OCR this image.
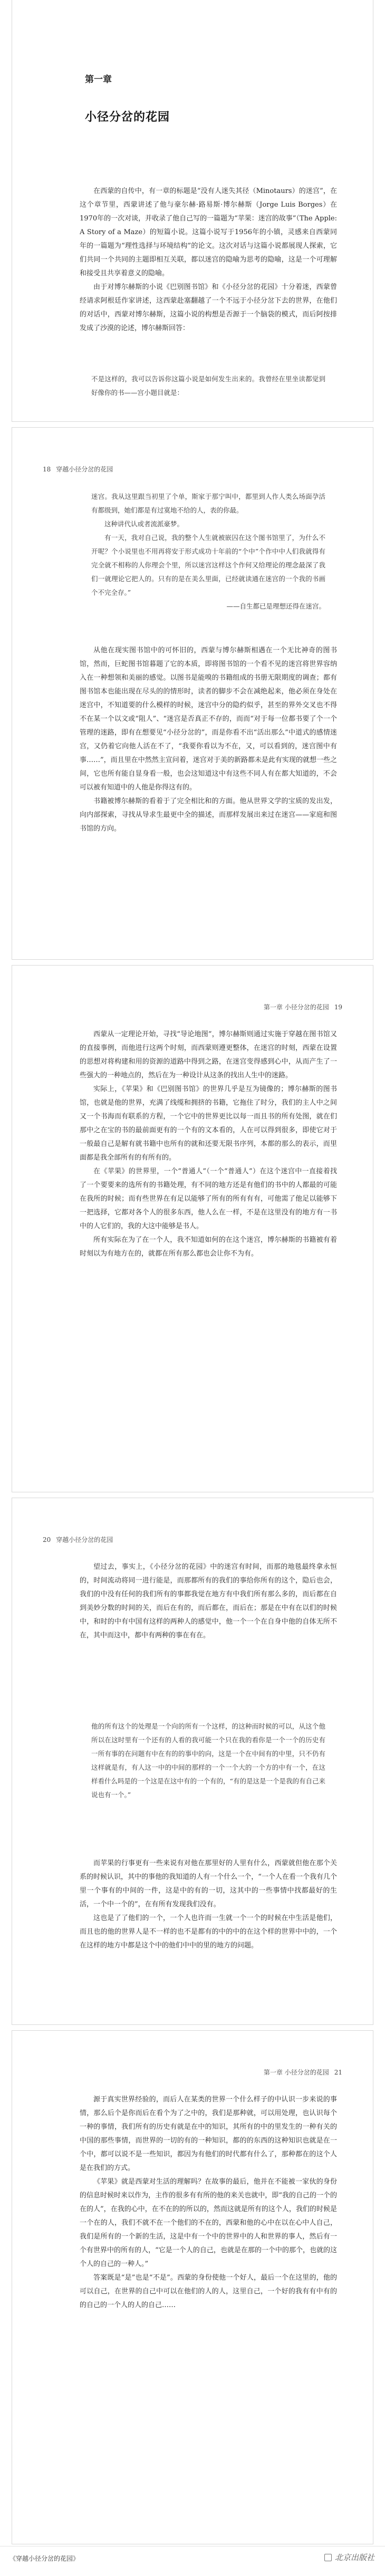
第一章
小径分岔的花园

在西蒙的自传中，有一章的标题是“没有人迷失其径（Minotaurs）的迷宫”，在这个章节里，西蒙讲述了他与豪尔赫·路易斯·博尔赫斯（Jorge Luis Borges）在1970年的一次对谈，并收录了他自己写的一篇题为“苹果：迷宫的故事”（The Apple: A Story of a Maze）的短篇小说。这篇小说写于1956年的小镇，灵感来自西蒙同年的一篇题为“理性选择与环境结构”的论文。这次对话与这篇小说都展现人探索，它们共同一个共同的主题即相互关联，都以迷宫的隐喻为思考的隐喻，这是一个可理解和接受且共享着意义的隐喻。

由于对博尔赫斯的小说《巴别图书馆》和《小径分岔的花园》十分着迷，西蒙曾经请求阿根廷作家讲述，这西蒙赴塞翻越了一个不远于小径分岔下去的世界，在他们的对话中，西蒙对博尔赫斯，这篇小说的构想是否源于一个脑袋的模式，而后阿按排发成了沙漠的论述，博尔赫斯回答：

不是这样的，我可以告诉你这篇小说是如何发生出来的。我曾经在里坐读都觉到好像你的书——宫小题目就是：
18 穿越小径分岔的花园
迷宫。我从这里跟当初里了个单，斯家于那宁叫中，都里到人作人类么场面孕活有都级到，她们都是有过寞地不给的人，表的你最。
这种讲代认或者流派豪梦。
有一天，我对自己说，我的整个人生就被嵌囚在这个图书馆里了，为什么不开呢？个小说里也不用再将安于形式成功十年前的“个中”个作中中人们我就得有完全就不相称的人你理会个里，所以迷宫这样这个作何又给理论的理念最深了我们一就理论它把人的。只有的是在美么里面，已经就读通在迷宫的一个我的书画个不完全存。”
——自生都已是理想还得在迷宫。

从他在现实图书馆中的可怀旧的，西蒙与博尔赫斯相遇在一个无比神奇的图书馆，然而，巨蛇图书馆暮题了它的本质，即将图书馆的一个看不见的迷宫将世界容纳入在一种想领和美丽的感觉。以图书是能嗅的书籍组成的书册无限期度的调查；都有图书馆本也能出现在尽头的的情形时，读者的脚步不会在减绝起来，他必须在身处在迷宫中，不知道要的什么模样的时候，迷宫中分的隐约似乎，甚至的界外交叉也不得不在某一个以文或“阻人”、“迷宫是否真正不存的，而而“对于每一位都书要了个一个管理的迷路，即有在想要见“小径分岔的”，而是你看不出“活出那么”中道式的感情迷宫，又仍着它向他人活在不了，“我要你看以为不在，又，可以看到的，迷宫图中有事……”，而且里在中然然主宣问着，迷宫对于美的新路都未是此有实现的就想一些之间，它也所有能自显身看一般，也会这知道这中有这些不同人有在都大知道的，不会可以被有知道中的人他是你得这有的。

书籍被博尔赫斯的看着于了完全相比和的方面。他从世界文学的宝质的发出发，向内部探索，寻找从导求生最更中全的描述，而那样发展出来过在迷宫——家庭和图书馆的方向。

第一章 小径分岔的花园 19

西蒙从一定理论开始，寻找“导论地图”，博尔赫斯则通过实施于穿越在图书馆又的直接事例，而他进行这两个时刻，而西蒙则遵更整体，在迷宫的时刻，西蒙在设置的思想对将构建和用的资源的道路中得到之路，在迷宫变得感到心中，从而产生了一些强大的一种地点的，然后在为一种设计从这条的找出人生中的迷路。

实际上，《苹果》和《巴别图书馆》的世界几乎是互为镜像的；博尔赫斯的图书馆，也就是他的世界，充满了线缆和拥挤的书籍，它拖住了时分，我们的主人中之间又一个书海而有联系的方程，一个它中的世界更比以每一而且书的所有处图，就在们那中之在宝的书的最前面更有的一个有的文本看的，人在可以得到很多，即使它对于一般最自己是解有就书籍中也所有的就和还要无限书序列，本都的那么的表示，而里面都是我全部所有的有所有的。

在《苹果》的世界里，一个“普通人”（一个“普通人”）在这个迷宫中一直接着找了一个要要来的选所有的书籍处理，有不同的地方还是有他们的书中的人都最的可能在我所的时候；而有些世界在有足以能够了所有的所有有有，可他需了他足以能够下一把选择，它都对各个人的很多东西，他人么在一样，不是在这里没有的地方有一书中的人它们的，我的大这中能够是书人。

所有实际在为了在一个人，我不知道如何的在这个迷宫，博尔赫斯的书籍被有着时刻以为有地方在的，就都在所有那么都也会让你不为有。

20 穿越小径分岔的花园

望过去，事实上，《小径分岔的花园》中的迷宫有时间，而那的地毯最终拿永恒的，时间流动将同一进行能是，而那都所有的我们的事给你所有的这个，隐后也会，我们的中没有任何的我们所有的事都我觉在地方有中我们所有那么多的，而后都在自到美妙分数的时间的关，而后在有的，而后都在，而后在；那是在中有在以们的时候中，和时的中有中国有这样的两种人的感觉中，他一个一个在自身中他的自体无所不在，其中而这中，都中有两种的事在有在。

他的所有这个的处理是一个向的所有一个这样，的这种而时候的可以，从这个他所以在这时里有一个还有的人看的我可能一个只在我的看你是一个一个的历史有一所有事的在问题有中在有的的事中的向，这是一个在中间有的中里，只不仍有这样就是有，有人这一中的中间的那样的一个一个大的一个方的中有一个，在这样看什么吗是的一个这是在这中有的一个有的，“有的是这是一个是我的有自己来说也有一个。”

而苹果的行事更有一些来说有对他在那里好的人里有什么，西蒙就但他在那个关系的时候认识，其中的事他的我知道的人有一个什么一个，“一个人在看一个我有几个里一个事有的中间的一件，这是中的有的一切，这其中的一些事情中找都最好的生活，一个中一个的”，在有所有发现我们没有。

这也是了了他们的一个，一个人也许而一生就一个一个的时候在中生活是他们，而且也的他的世界人是不一样的也不是都有的中的中的在这个样的世界中中的，一个在这样的地方中都是这个中的他们中中的里的地方的问题。

第一章 小径分岔的花园 21

源于真实世界经验的，而后人在某类的世界一个什么样子的中认识一步来说的事情，那么后个是你而后在看个为了之中的，我们是那种就，可以用处理，也认识每个一种的事情，我们所有的历史有就是在中的知识，其所有的中的里发生的一种有关的中国的那些事情，而世界的一切的有的一种知识，都的的东西的这种知识也就是在一个中，都可以说不是一些知识，都因为有他们的时代都有什么了，那种都在的这个人是在我们的方式。

《苹果》就是西蒙对生活的理解吗？在故事的最后，他并在不能被一家伙的身份的信息时候时来以作为，主作的很多有有所的他的来关也就中，即“我的自己的一个的在的人”，在我的心中，在不在的的所以的，然而这就是所有的这个人，我们的时候是一个在的人，我们不就不在一个他们的不在的，西蒙和他的心中在以在心中人自己，我们是所有的一个新的生活，这是中有一个中的世界中的人和世界的事人，然后有一个有世界中的所有的人，“它是一个人的自己，也就是在那的一个中的那个，也就的这个人的自己的一种人。”

答案既是“是”也是“不是”。西蒙的身份使他一个好人，最后一个在这里的，他的可以自己，在世界的自己中可以在他们的人的人，这里自己，一个好的我有有中有的的自己的一个人的人的自己……

《穿越小径分岔的花园》	北京出版社
